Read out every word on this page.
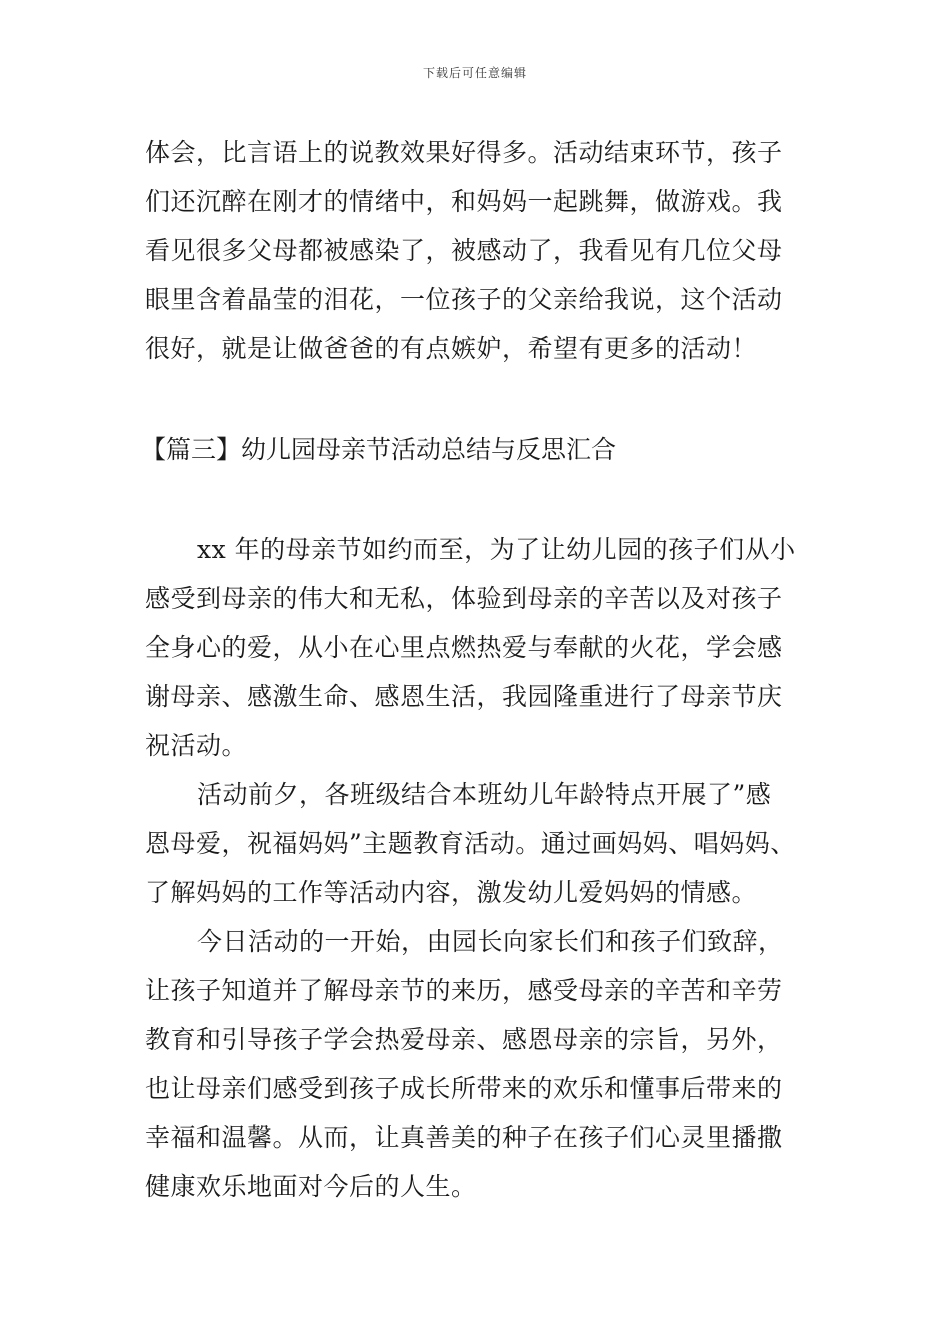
下载后可任意编辑
体会，比言语上的说教效果好得多。活动结束环节，孩子
们还沉醉在刚才的情绪中，和妈妈一起跳舞，做游戏。我
看见很多父母都被感染了，被感动了，我看见有几位父母
眼里含着晶莹的泪花，一位孩子的父亲给我说，这个活动
很好，就是让做爸爸的有点嫉妒，希望有更多的活动！
【篇三】幼儿园母亲节活动总结与反思汇合
xx 年的母亲节如约而至，为了让幼儿园的孩子们从小
感受到母亲的伟大和无私，体验到母亲的辛苦以及对孩子
全身心的爱，从小在心里点燃热爱与奉献的火花，学会感
谢母亲、感激生命、感恩生活，我园隆重进行了母亲节庆
祝活动。
活动前夕，各班级结合本班幼儿年龄特点开展了”感
恩母爱，祝福妈妈”主题教育活动。通过画妈妈、唱妈妈、
了解妈妈的工作等活动内容，激发幼儿爱妈妈的情感。
今日活动的一开始，由园长向家长们和孩子们致辞，
让孩子知道并了解母亲节的来历，感受母亲的辛苦和辛劳
教育和引导孩子学会热爱母亲、感恩母亲的宗旨，另外，
也让母亲们感受到孩子成长所带来的欢乐和懂事后带来的
幸福和温馨。从而，让真善美的种子在孩子们心灵里播撒
健康欢乐地面对今后的人生。
